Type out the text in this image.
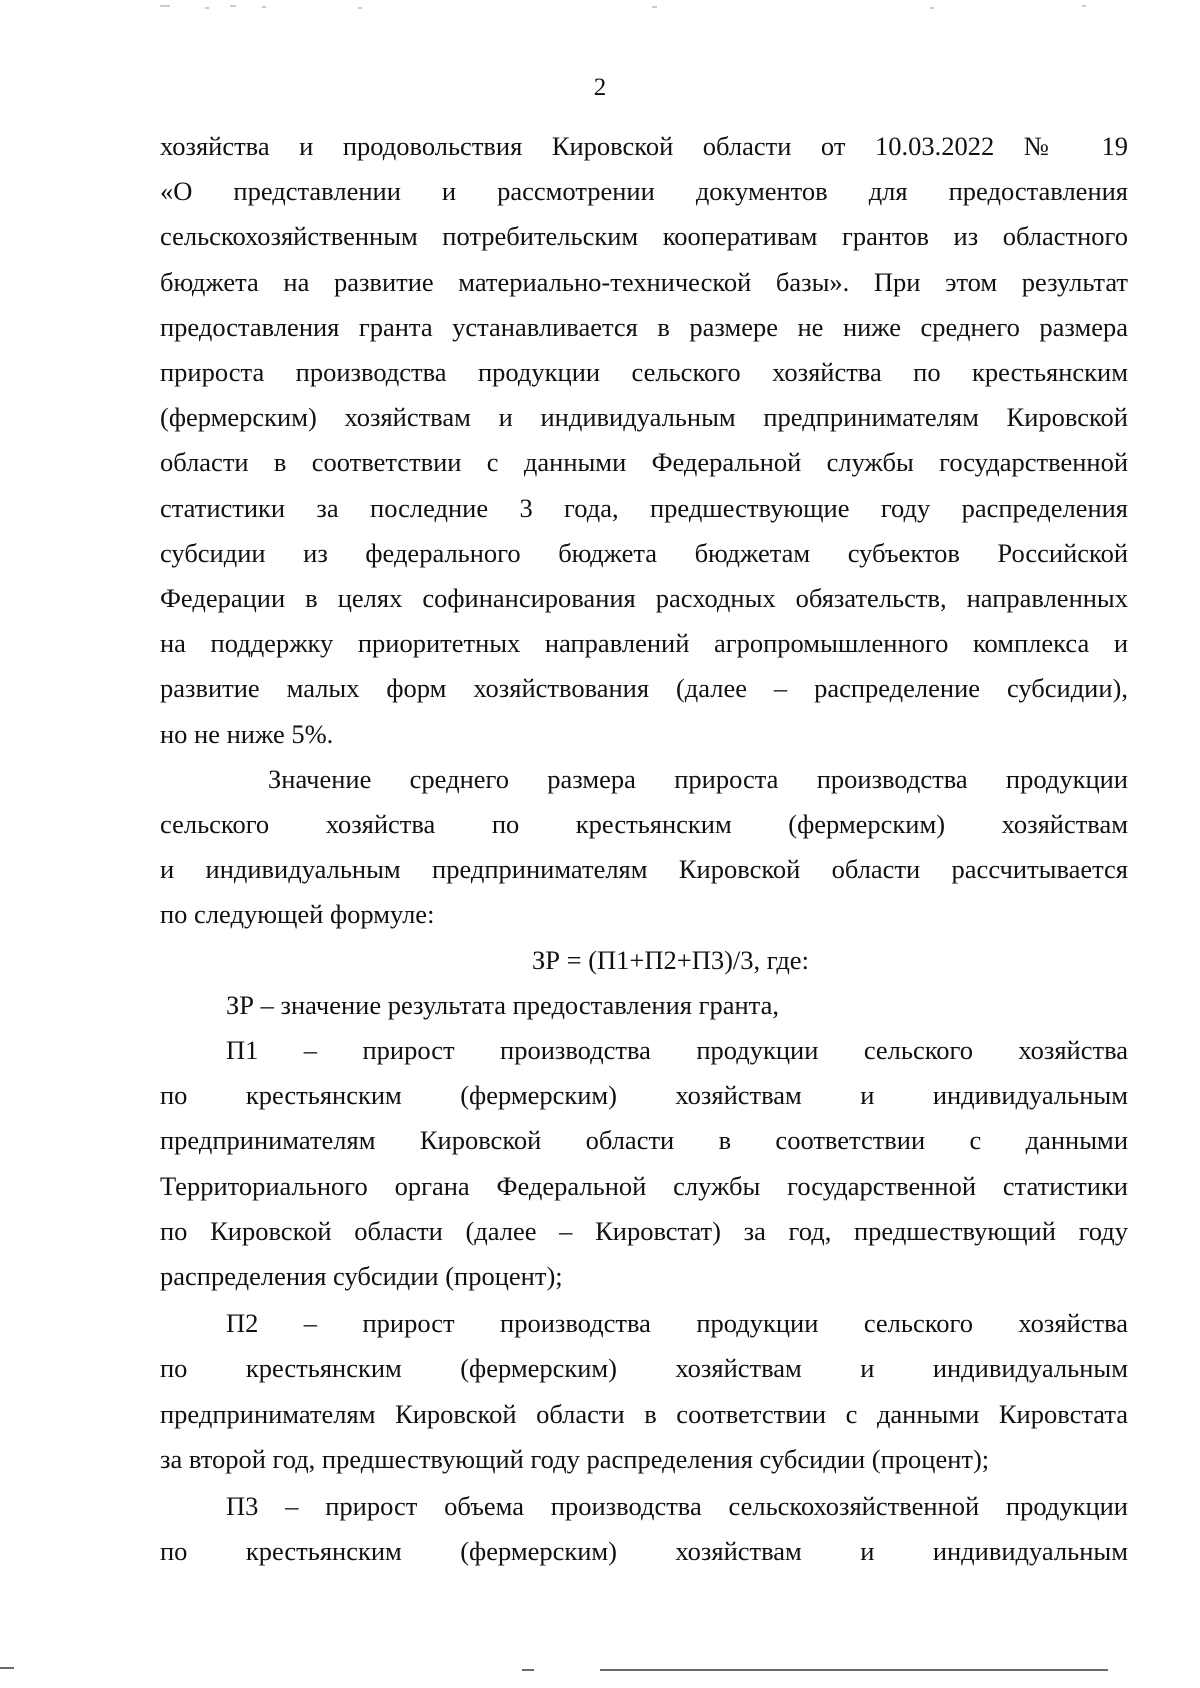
2

хозяйства и продовольствия Кировской области от 10.03.2022 № 19
«О представлении и рассмотрении документов для предоставления
сельскохозяйственным потребительским кооперативам грантов из областного
бюджета на развитие материально-технической базы». При этом результат
предоставления гранта устанавливается в размере не ниже среднего размера
прироста производства продукции сельского хозяйства по крестьянским
(фермерским) хозяйствам и индивидуальным предпринимателям Кировской
области в соответствии с данными Федеральной службы государственной
статистики за последние 3 года, предшествующие году распределения
субсидии из федерального бюджета бюджетам субъектов Российской
Федерации в целях софинансирования расходных обязательств, направленных
на поддержку приоритетных направлений агропромышленного комплекса и
развитие малых форм хозяйствования (далее – распределение субсидии),
но не ниже 5%.

Значение среднего размера прироста производства продукции
сельского хозяйства по крестьянским (фермерским) хозяйствам
и индивидуальным предпринимателям Кировской области рассчитывается
по следующей формуле:

ЗР = (П1+П2+П3)/3, где:

ЗР – значение результата предоставления гранта,

П1 – прирост производства продукции сельского хозяйства
по крестьянским (фермерским) хозяйствам и индивидуальным
предпринимателям Кировской области в соответствии с данными
Территориального органа Федеральной службы государственной статистики
по Кировской области (далее – Кировстат) за год, предшествующий году
распределения субсидии (процент);

П2 – прирост производства продукции сельского хозяйства
по крестьянским (фермерским) хозяйствам и индивидуальным
предпринимателям Кировской области в соответствии с данными Кировстата
за второй год, предшествующий году распределения субсидии (процент);

П3 – прирост объема производства сельскохозяйственной продукции
по крестьянским (фермерским) хозяйствам и индивидуальным
